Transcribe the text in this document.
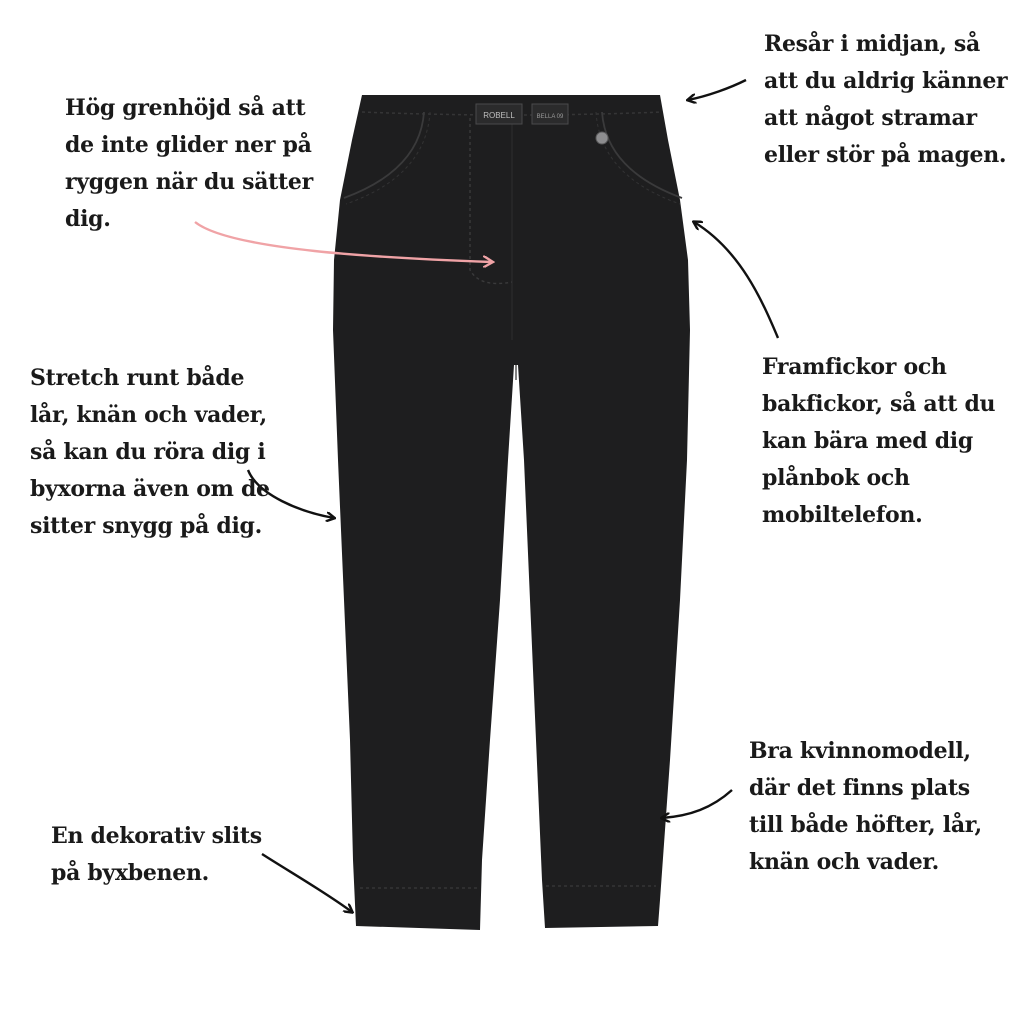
ROBELL	BELLA 09
Hög grenhöjd så att
de inte glider ner på
ryggen när du sätter
dig.
Resår i midjan, så
att du aldrig känner
att något stramar
eller stör på magen.
Stretch runt både
lår, knän och vader,
så kan du röra dig i
byxorna även om de
sitter snygg på dig.
Framfickor och
bakfickor, så att du
kan bära med dig
plånbok och
mobiltelefon.
Bra kvinnomodell,
där det finns plats
till både höfter, lår,
knän och vader.
En dekorativ slits
på byxbenen.
